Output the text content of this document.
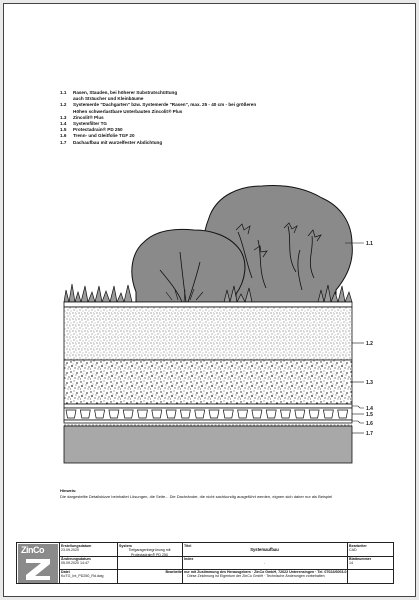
1.1	Rasen, Stauden, bei höherer Substratschüttung
auch Sträucher und Kleinbäume
1.2	Systemerde "Dachgarten" bzw. Systemerde "Rasen", max. 25 - 40 cm - bei größeren
Höhen schwerlastbare Unterbauten Zincolit® Plus
1.3	Zincolit® Plus
1.4	Systemfilter TG
1.5	Protectadrain® PD 250
1.6	Trenn- und Gleitfolie TGF 20
1.7	Dachaufbau mit wurzelfester Abdichtung
1.1
1.2
1.3
1.4
1.5
1.6
1.7
Hinweis:
Die dargestellte Detailskizze beinhaltet Lösungen, die Seite... Die Dachränder, die nicht sachkundig ausgeführt werden, eignen sich daher nur als Beispiel
ZinCo	Erstellungsdatum
23.09.2020
Änderungsdatum
05.09.2020 14:47
Datei
KoTG_Int_PD250_Rd.dwg
System
Tiefgaragenbegrünung mit Protectadrain® PD 250
Titel
Systemaufbau
Index
-
Bearbeiter
CAD
Blattnummer
14
Bearbeitet nur mit Zustimmung des Herausgebers · ZinCo GmbH, 72622 Unterensingen · Tel. 07022/6003-0
Diese Zeichnung ist Eigentum der ZinCo GmbH · Technische Änderungen vorbehalten
